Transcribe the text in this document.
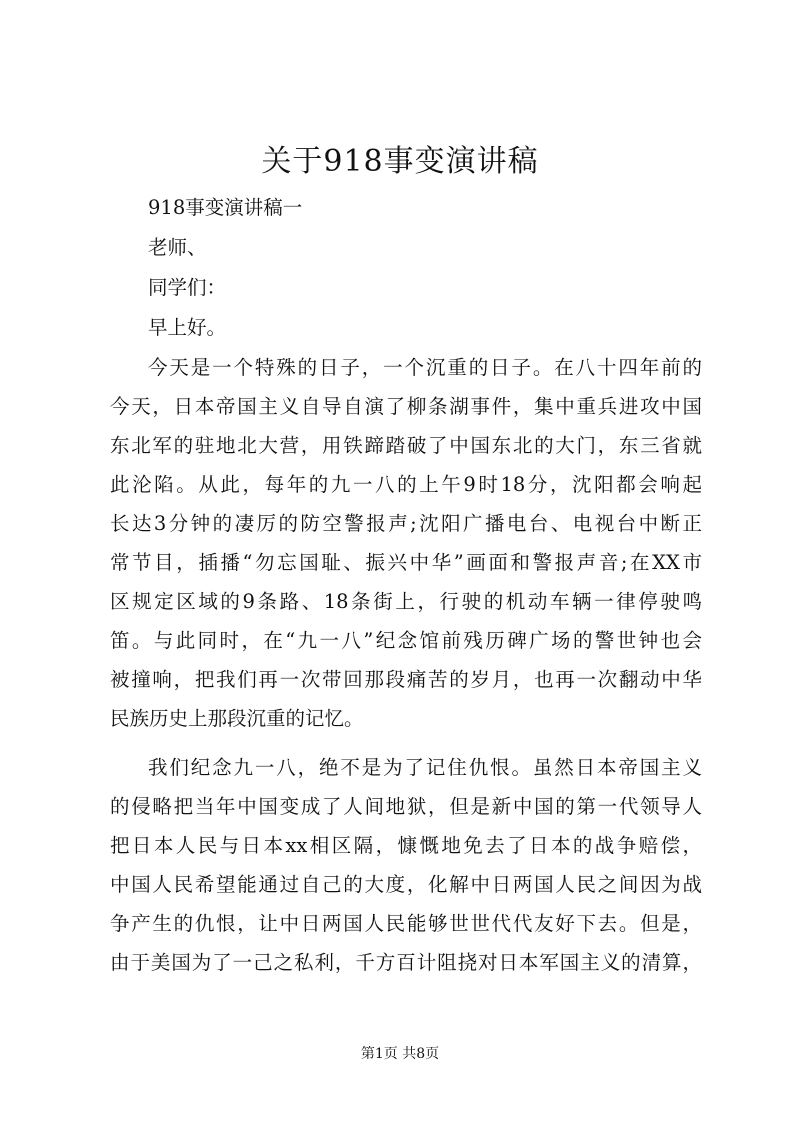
关于918事变演讲稿
918事变演讲稿一
老师、
同学们：
早上好。
今天是一个特殊的日子，一个沉重的日子。在八十四年前的
今天，日本帝国主义自导自演了柳条湖事件，集中重兵进攻中国
东北军的驻地北大营，用铁蹄踏破了中国东北的大门，东三省就
此沦陷。从此，每年的九一八的上午9时18分，沈阳都会响起
长达3分钟的凄厉的防空警报声;沈阳广播电台、电视台中断正
常节目，插播“勿忘国耻、振兴中华”画面和警报声音;在XX市
区规定区域的9条路、18条街上，行驶的机动车辆一律停驶鸣
笛。与此同时，在“九一八”纪念馆前残历碑广场的警世钟也会
被撞响，把我们再一次带回那段痛苦的岁月，也再一次翻动中华
民族历史上那段沉重的记忆。
我们纪念九一八，绝不是为了记住仇恨。虽然日本帝国主义
的侵略把当年中国变成了人间地狱，但是新中国的第一代领导人
把日本人民与日本xx相区隔，慷慨地免去了日本的战争赔偿，
中国人民希望能通过自己的大度，化解中日两国人民之间因为战
争产生的仇恨，让中日两国人民能够世世代代友好下去。但是，
由于美国为了一己之私利，千方百计阻挠对日本军国主义的清算，
第1页 共8页
